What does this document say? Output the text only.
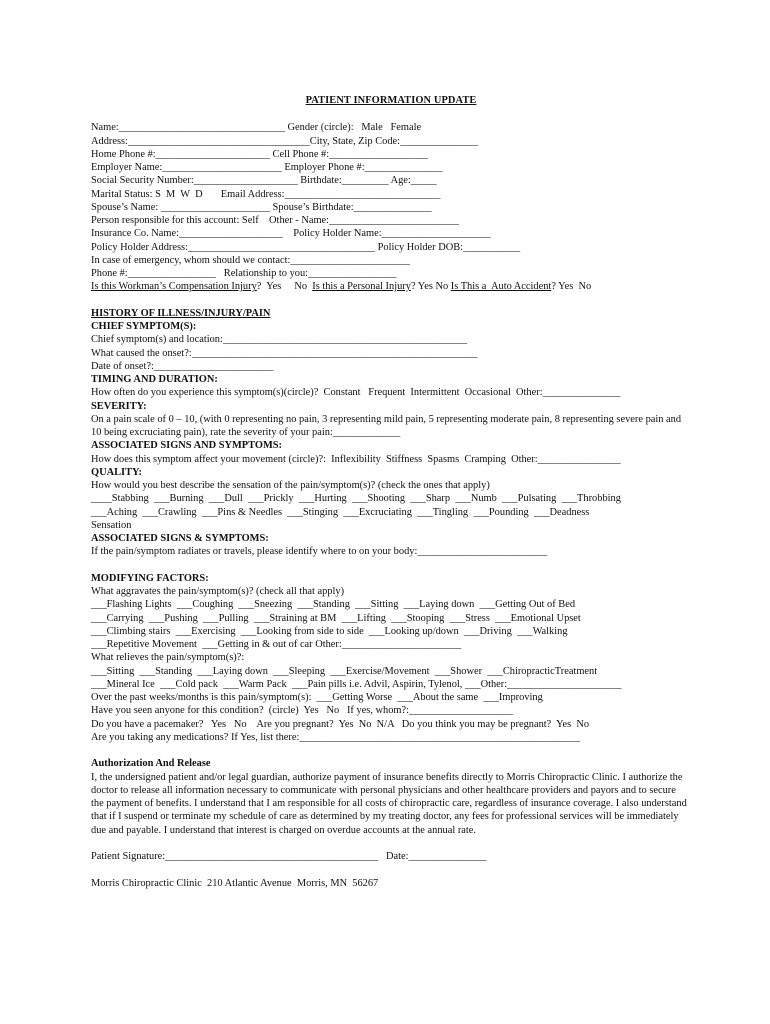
PATIENT INFORMATION UPDATE
Name:________________________________ Gender (circle):   Male   Female
Address:___________________________________City, State, Zip Code:_______________
Home Phone #:______________________ Cell Phone #:___________________
Employer Name:_______________________ Employer Phone #:_______________
Social Security Number:____________________ Birthdate:_________ Age:_____
Marital Status: S  M  W  D       Email Address:______________________________
Spouse’s Name: _____________________ Spouse’s Birthdate:_______________
Person responsible for this account: Self    Other - Name:_________________________
Insurance Co. Name:____________________    Policy Holder Name:_____________________
Policy Holder Address:____________________________________ Policy Holder DOB:___________
In case of emergency, whom should we contact:_______________________
Phone #:_________________   Relationship to you:_________________
Is this Workman’s Compensation Injury?  Yes     No  Is this a Personal Injury? Yes No Is This a  Auto Accident? Yes  No
HISTORY OF ILLNESS/INJURY/PAIN
CHIEF SYMPTOM(S):
Chief symptom(s) and location:_______________________________________________
What caused the onset?:_______________________________________________________
Date of onset?:_______________________
TIMING AND DURATION:
How often do you experience this symptom(s)(circle)?  Constant   Frequent  Intermittent  Occasional  Other:_______________
SEVERITY:
On a pain scale of 0 – 10, (with 0 representing no pain, 3 representing mild pain, 5 representing moderate pain, 8 representing severe pain and 10 being excruciating pain), rate the severity of your pain:_____________
ASSOCIATED SIGNS AND SYMPTOMS:
How does this symptom affect your movement (circle)?:  Inflexibility  Stiffness  Spasms  Cramping  Other:________________
QUALITY:
How would you best describe the sensation of the pain/symptom(s)? (check the ones that apply)
____Stabbing  ___Burning  ___Dull  ___Prickly  ___Hurting  ___Shooting  ___Sharp  ___Numb  ___Pulsating  ___Throbbing
___Aching  ___Crawling  ___Pins & Needles  ___Stinging  ___Excruciating  ___Tingling  ___Pounding  ___Deadness
Sensation
ASSOCIATED SIGNS & SYMPTOMS:
If the pain/symptom radiates or travels, please identify where to on your body:_________________________
MODIFYING FACTORS:
What aggravates the pain/symptom(s)? (check all that apply)
___Flashing Lights  ___Coughing  ___Sneezing  ___Standing  ___Sitting  ___Laying down  ___Getting Out of Bed
___Carrying  ___Pushing  ___Pulling  ___Straining at BM  ___Lifting  ___Stooping  ___Stress  ___Emotional Upset
___Climbing stairs  ___Exercising  ___Looking from side to side  ___Looking up/down  ___Driving  ___Walking
___Repetitive Movement  ___Getting in & out of car Other:_______________________
What relieves the pain/symptom(s)?:
___Sitting  ___Standing  ___Laying down  ___Sleeping  ___Exercise/Movement  ___Shower  ___ChiropracticTreatment
___Mineral Ice  ___Cold pack  ___Warm Pack  ___Pain pills i.e. Advil, Aspirin, Tylenol, ___Other:______________________
Over the past weeks/months is this pain/symptom(s):  ___Getting Worse  ___About the same  ___Improving
Have you seen anyone for this condition?  (circle)  Yes   No   If yes, whom?:____________________
Do you have a pacemaker?   Yes   No    Are you pregnant?  Yes  No  N/A   Do you think you may be pregnant?  Yes  No
Are you taking any medications? If Yes, list there:______________________________________________________
Authorization And Release
I, the undersigned patient and/or legal guardian, authorize payment of insurance benefits directly to Morris Chiropractic Clinic. I authorize the doctor to release all information necessary to communicate with personal physicians and other healthcare providers and payors and to secure the payment of benefits. I understand that I am responsible for all costs of chiropractic care, regardless of insurance coverage. I also understand that if I suspend or terminate my schedule of care as determined by my treating doctor, any fees for professional services will be immediately due and payable. I understand that interest is charged on overdue accounts at the annual rate.
Patient Signature:_________________________________________   Date:_______________
Morris Chiropractic Clinic  210 Atlantic Avenue  Morris, MN  56267
